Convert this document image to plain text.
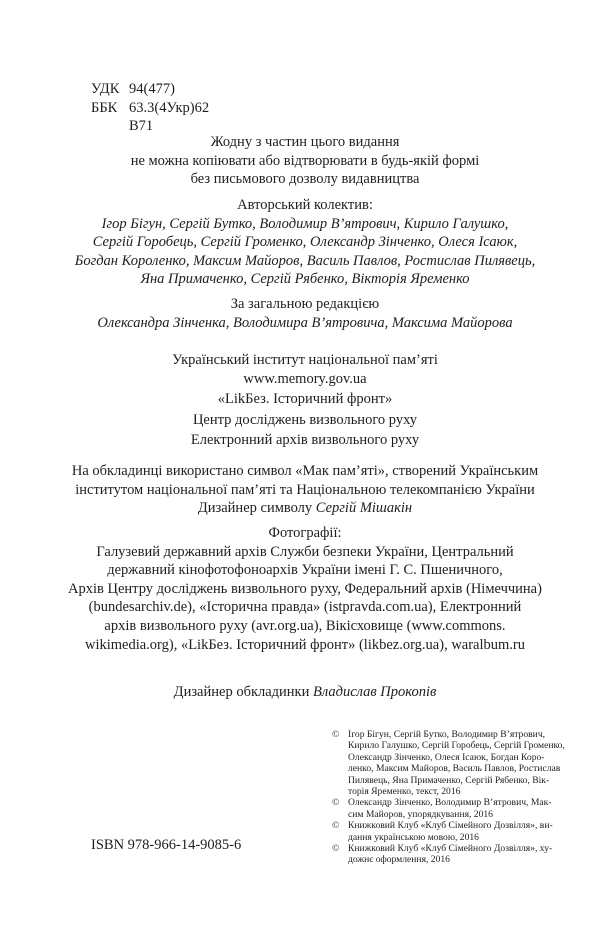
УДК 94(477)
ББК 63.3(4Укр)62
В71
Жодну з частин цього видання
не можна копіювати або відтворювати в будь-якій формі
без письмового дозволу видавництва
Авторський колектив:
Ігор Бігун, Сергій Бутко, Володимир В’ятрович, Кирило Галушко,
Сергій Горобець, Сергій Громенко, Олександр Зінченко, Олеся Ісаюк,
Богдан Короленко, Максим Майоров, Василь Павлов, Ростислав Пилявець,
Яна Примаченко, Сергій Рябенко, Вікторія Яременко
За загальною редакцією
Олександра Зінченка, Володимира В’ятровича, Максима Майорова
Український інститут національної пам’яті
www.memory.gov.ua
«LikБез. Історичний фронт»
Центр досліджень визвольного руху
Електронний архів визвольного руху
На обкладинці використано символ «Мак пам’яті», створений Українським
інститутом національної пам’яті та Національною телекомпанією України
Дизайнер символу Сергій Мішакін
Фотографії:
Галузевий державний архів Служби безпеки України, Центральний
державний кінофотофоноархів України імені Г. С. Пшеничного,
Архів Центру досліджень визвольного руху, Федеральний архів (Німеччина)
(bundesarchiv.de), «Історична правда» (istpravda.com.ua), Електронний
архів визвольного руху (avr.org.ua), Вікісховище (www.commons.
wikimedia.org), «LikБез. Історичний фронт» (likbez.org.ua), waralbum.ru
Дизайнер обкладинки Владислав Прокопів
© Ігор Бігун, Сергій Бутко, Володимир В’ятрович,
Кирило Галушко, Сергій Горобець, Сергій Громенко,
Олександр Зінченко, Олеся Ісаюк, Богдан Коро-
ленко, Максим Майоров, Василь Павлов, Ростислав
Пилявець, Яна Примаченко, Сергій Рябенко, Вік-
торія Яременко, текст, 2016
© Олександр Зінченко, Володимир В’ятрович, Мак-
сим Майоров, упорядкування, 2016
© Книжковий Клуб «Клуб Сімейного Дозвілля», ви-
дання українською мовою, 2016
© Книжковий Клуб «Клуб Сімейного Дозвілля», ху-
дожнє оформлення, 2016
ISBN 978-966-14-9085-6
